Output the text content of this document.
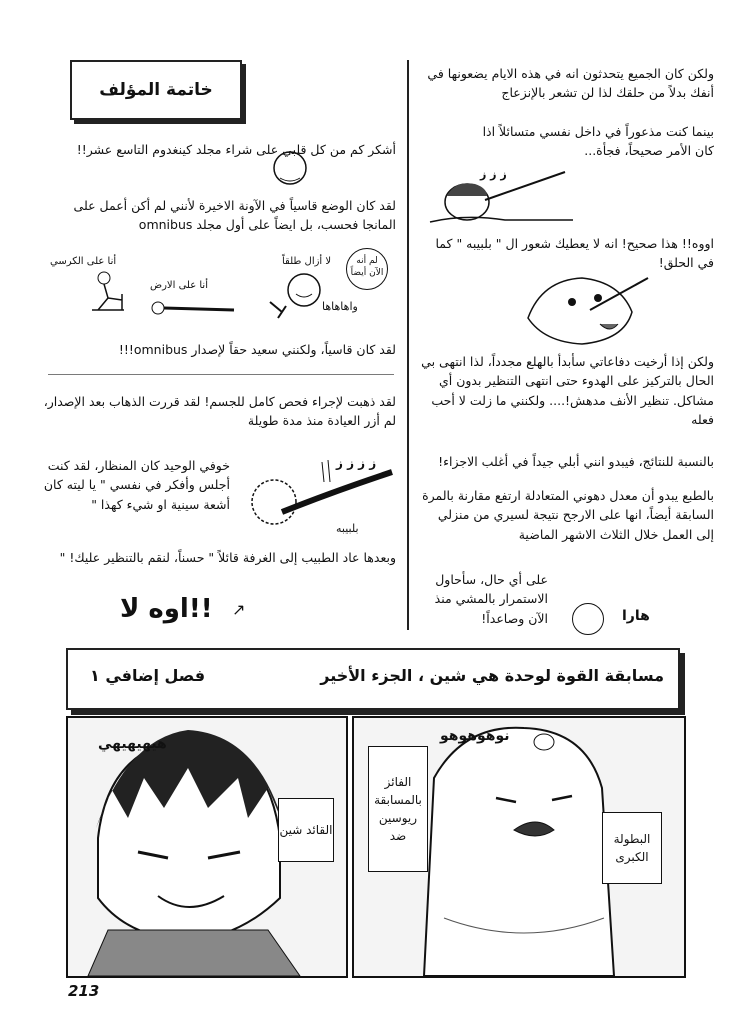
ولكن كان الجميع يتحدثون انه في هذه الايام يضعونها في أنفك بدلاً من حلقك لذا لن تشعر بالإنزعاج
بينما كنت مذعوراً في داخل نفسي متسائلاً اذا كان الأمر صحيحاً، فجأة...
ز ز ز
اووه!! هذا صحيح! انه لا يعطيك شعور ال " بلبيبه " كما في الحلق!
ولكن إذا أرخيت دفاعاتي سأبدأ بالهلع مجدداً، لذا انتهى بي الحال بالتركيز على الهدوء حتى انتهى التنظير بدون أي مشاكل. تنظير الأنف مدهش!.... ولكنني ما زلت لا أحب فعله
بالنسبة للنتائج، فيبدو انني أبلي جيداً في أغلب الاجزاء!
بالطبع يبدو أن معدل دهوني المتعادلة ارتفع مقارنة بالمرة السابقة أيضاً، انها على الارجح نتيجة لسيري من منزلي إلى العمل خلال الثلاث الاشهر الماضية
على أي حال، سأحاول الاستمرار بالمشي منذ الآن وصاعداً!	هارا
خاتمة المؤلف
أشكر كم من كل قلبي على شراء مجلد كينغدوم التاسع عشر!!
لقد كان الوضع قاسياً في الآونة الاخيرة لأنني لم أكن أعمل على المانجا فحسب، بل ايضاً على أول مجلد omnibus
أنا على الكرسي
أنا على الارض
لا أزال طلقاً	لم أنه الآن أيضاً
واهاهاها
لقد كان قاسياً، ولكنني سعيد حقاً لإصدار omnibus!!!
لقد ذهبت لإجراء فحص كامل للجسم! لقد قررت الذهاب بعد الإصدار، لم أزر العيادة منذ مدة طويلة
ز ز ز ز
بلبيبه
خوفي الوحيد كان المنظار، لقد كنت أجلس وأفكر في نفسي " يا ليته كان أشعة سينية او شيء كهذا "
وبعدها عاد الطبيب إلى الغرفة قائلاً " حسناً، لنقم بالتنظير عليك! "
↗
اوه لا!!
مسابقة القوة لوحدة هي شين ، الجزء الأخير
فصل إضافي ١
نوهوهوهو
البطولة الكبرى
الفائز بالمسابقة ريوسين ضد
هيهيهيهي
القائد شين
213
